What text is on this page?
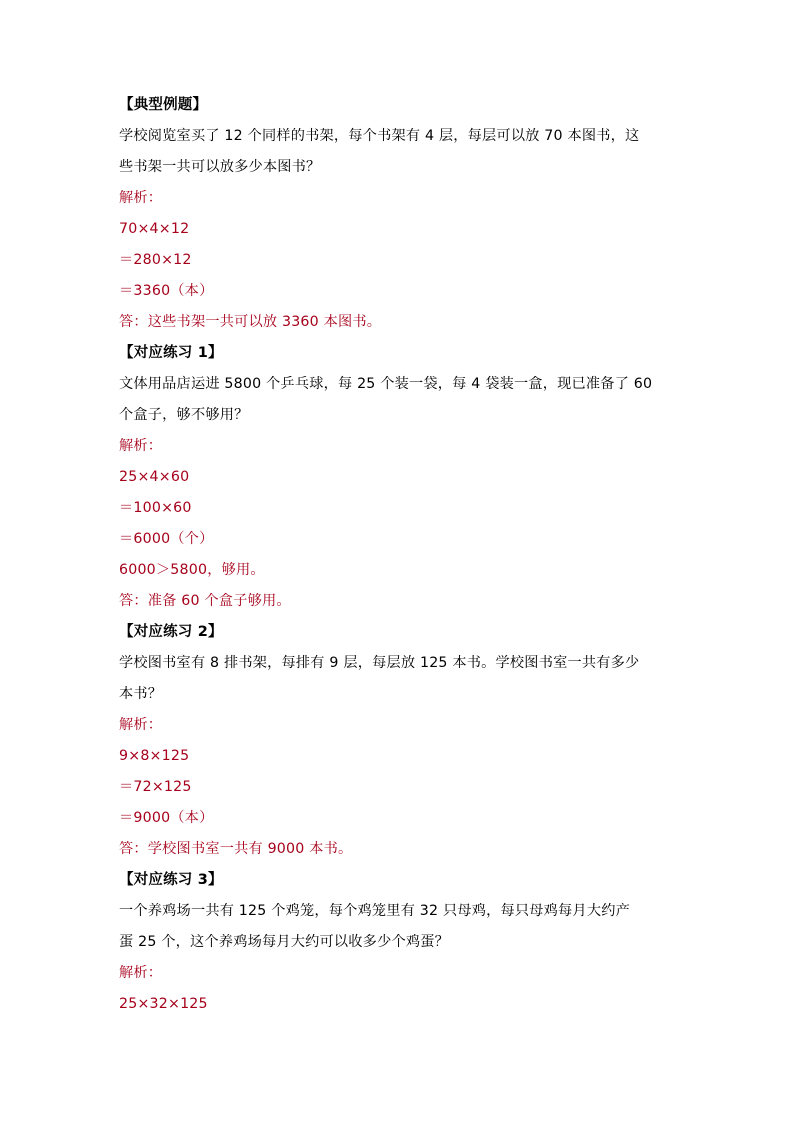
【典型例题】
学校阅览室买了 12 个同样的书架，每个书架有 4 层，每层可以放 70 本图书，这
些书架一共可以放多少本图书？
解析：
70×4×12
＝280×12
＝3360（本）
答：这些书架一共可以放 3360 本图书。
【对应练习 1】
文体用品店运进 5800 个乒乓球，每 25 个装一袋，每 4 袋装一盒，现已准备了 60
个盒子，够不够用？
解析：
25×4×60
＝100×60
＝6000（个）
6000＞5800，够用。
答：准备 60 个盒子够用。
【对应练习 2】
学校图书室有 8 排书架，每排有 9 层，每层放 125 本书。学校图书室一共有多少
本书？
解析：
9×8×125
＝72×125
＝9000（本）
答：学校图书室一共有 9000 本书。
【对应练习 3】
一个养鸡场一共有 125 个鸡笼，每个鸡笼里有 32 只母鸡，每只母鸡每月大约产
蛋 25 个，这个养鸡场每月大约可以收多少个鸡蛋？
解析：
25×32×125
